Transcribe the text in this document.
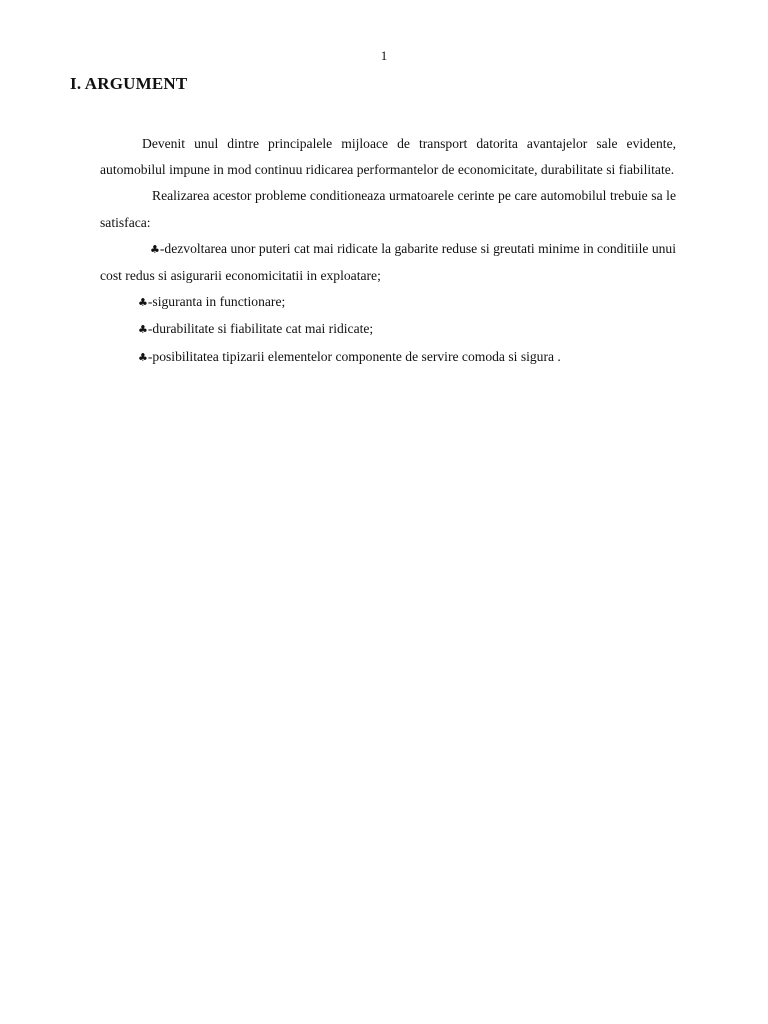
1
I. ARGUMENT

Devenit unul dintre principalele mijloace de transport datorita avantajelor sale evidente, automobilul impune in mod continuu ridicarea performantelor de economicitate, durabilitate si fiabilitate.

Realizarea acestor probleme conditioneaza urmatoarele cerinte pe care automobilul trebuie sa le satisfaca:

♣-dezvoltarea unor puteri cat mai ridicate la gabarite reduse si greutati minime in conditiile unui cost redus si asigurarii economicitatii in exploatare;

♣-siguranta in functionare;

♣-durabilitate si fiabilitate cat mai ridicate;

♣-posibilitatea tipizarii elementelor componente de servire comoda si sigura .
